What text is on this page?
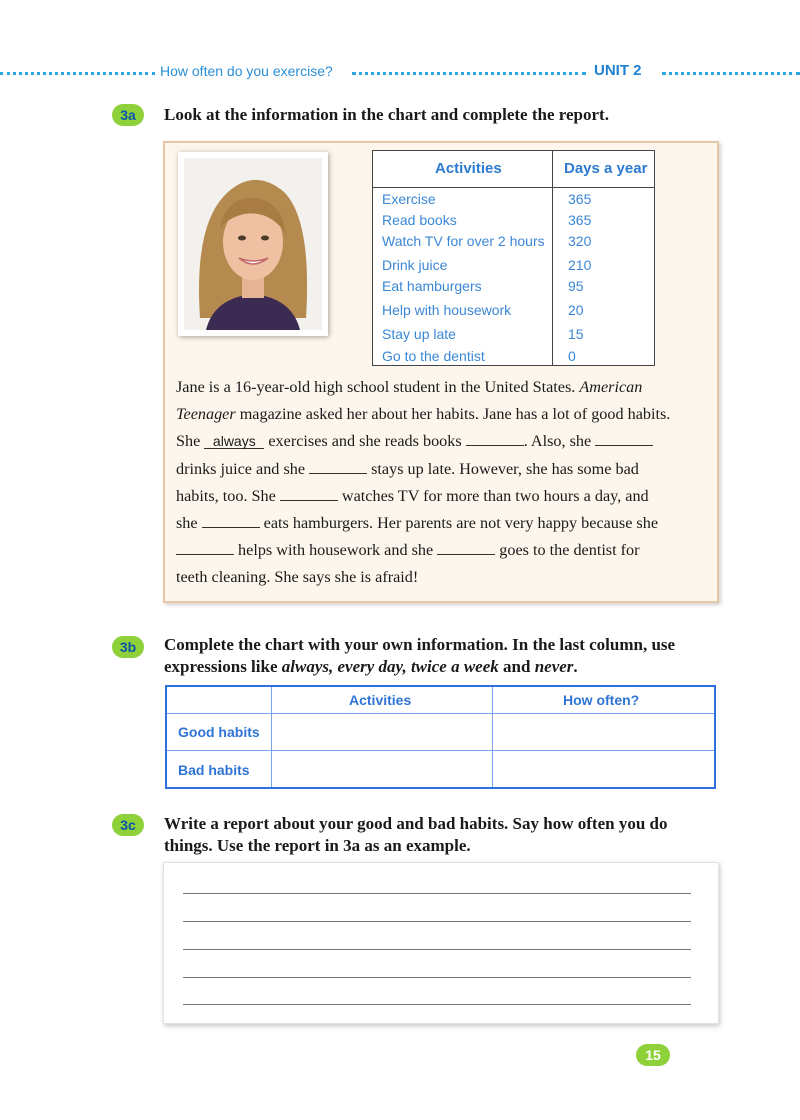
How often do you exercise?	UNIT 2
3a	Look at the information in the chart and complete the report.
Activities	Days a year
Exercise	365
Read books	365
Watch TV for over 2 hours 320
Drink juice	210
Eat hamburgers	95
Help with housework	20
Stay up late	15
Go to the dentist	0
Jane is a 16-year-old high school student in the United States. American
Teenager magazine asked her about her habits. Jane has a lot of good habits.
She always exercises and she reads books	. Also, she
drinks juice and she	stays up late. However, she has some bad
habits, too. She	watches TV for more than two hours a day, and
she	eats hamburgers. Her parents are not very happy because she
helps with housework and she	goes to the dentist for
teeth cleaning. She says she is afraid!
3b	Complete the chart with your own information. In the last column, use
expressions like always, every day, twice a week and never.
Activities	How often?
Good habits
Bad habits
3c	Write a report about your good and bad habits. Say how often you do
things. Use the report in 3a as an example.
15
